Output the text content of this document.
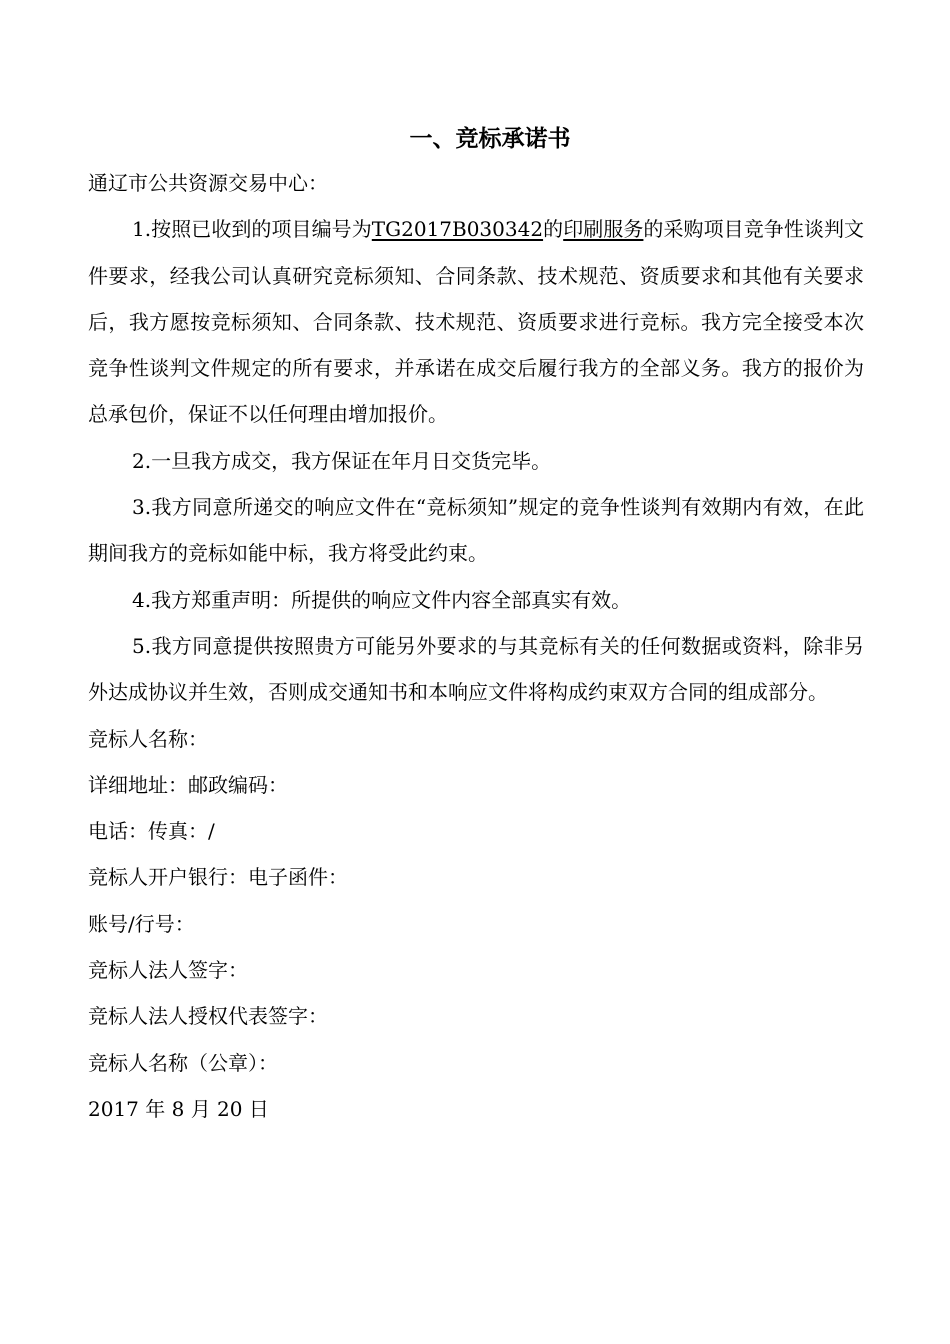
一、竞标承诺书

通辽市公共资源交易中心：

1.按照已收到的项目编号为TG2017B030342的印刷服务的采购项目竞争性谈判文件要求，经我公司认真研究竞标须知、合同条款、技术规范、资质要求和其他有关要求后，我方愿按竞标须知、合同条款、技术规范、资质要求进行竞标。我方完全接受本次竞争性谈判文件规定的所有要求，并承诺在成交后履行我方的全部义务。我方的报价为总承包价，保证不以任何理由增加报价。

2.一旦我方成交，我方保证在年月日交货完毕。

3.我方同意所递交的响应文件在“竞标须知”规定的竞争性谈判有效期内有效，在此期间我方的竞标如能中标，我方将受此约束。

4.我方郑重声明：所提供的响应文件内容全部真实有效。

5.我方同意提供按照贵方可能另外要求的与其竞标有关的任何数据或资料，除非另外达成协议并生效，否则成交通知书和本响应文件将构成约束双方合同的组成部分。

竞标人名称：

详细地址：邮政编码：

电话：传真：/

竞标人开户银行：电子函件：

账号/行号：

竞标人法人签字：

竞标人法人授权代表签字：

竞标人名称（公章）：

2017 年 8 月 20 日
